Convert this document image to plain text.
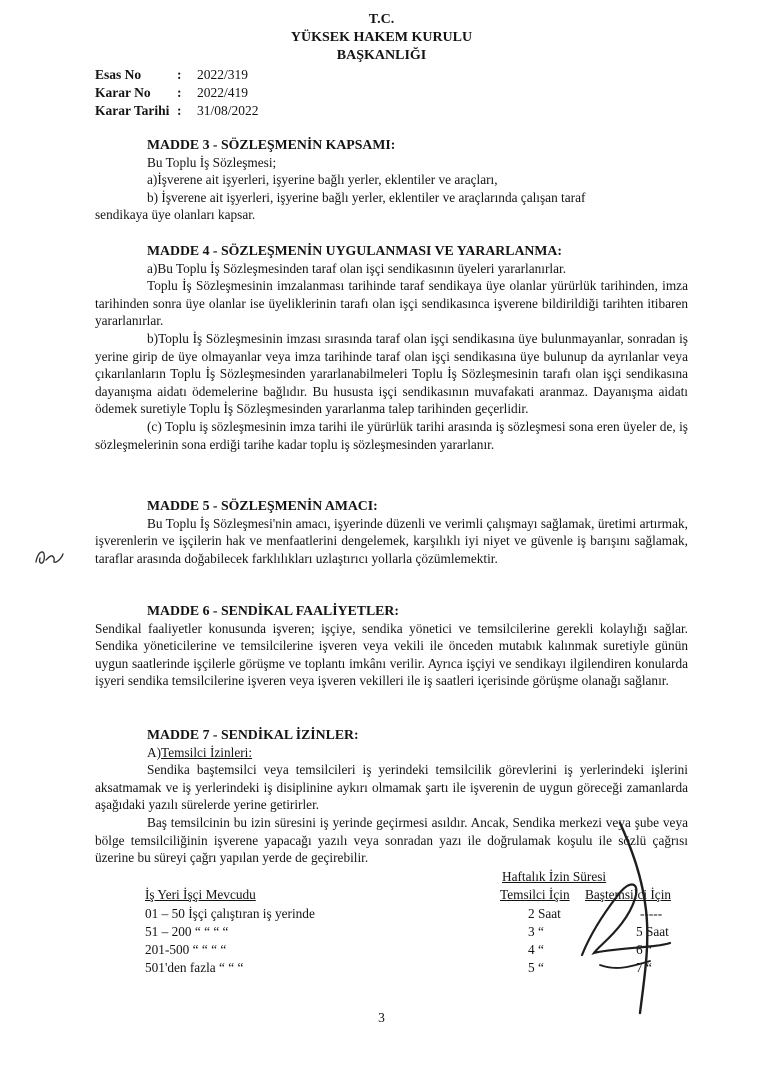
T.C.
YÜKSEK HAKEM KURULU
BAŞKANLIĞI
Esas No	: 2022/319
Karar No : 2022/419
Karar Tarihi : 31/08/2022
MADDE 3 - SÖZLEŞMENİN KAPSAMI:
Bu Toplu İş Sözleşmesi;
a)İşverene ait işyerleri, işyerine bağlı yerler, eklentiler ve araçları,
b) İşverene ait işyerleri, işyerine bağlı yerler, eklentiler ve araçlarında çalışan taraf
sendikaya üye olanları kapsar.
MADDE 4 - SÖZLEŞMENİN UYGULANMASI VE YARARLANMA:
a)Bu Toplu İş Sözleşmesinden taraf olan işçi sendikasının üyeleri yararlanırlar.
Toplu İş Sözleşmesinin imzalanması tarihinde taraf sendikaya üye olanlar yürürlük tarihinden, imza tarihinden sonra üye olanlar ise üyeliklerinin tarafı olan işçi sendikasınca işverene bildirildiği tarihten itibaren yararlanırlar.
b)Toplu İş Sözleşmesinin imzası sırasında taraf olan işçi sendikasına üye bulunmayanlar, sonradan iş yerine girip de üye olmayanlar veya imza tarihinde taraf olan işçi sendikasına üye bulunup da ayrılanlar veya çıkarılanların Toplu İş Sözleşmesinden yararlanabilmeleri Toplu İş Sözleşmesinin tarafı olan işçi sendikasına dayanışma aidatı ödemelerine bağlıdır. Bu hususta işçi sendikasının muvafakati aranmaz. Dayanışma aidatı ödemek suretiyle Toplu İş Sözleşmesinden yararlanma talep tarihinden geçerlidir.
(c) Toplu iş sözleşmesinin imza tarihi ile yürürlük tarihi arasında iş sözleşmesi sona eren üyeler de, iş sözleşmelerinin sona erdiği tarihe kadar toplu iş sözleşmesinden yararlanır.
MADDE 5 - SÖZLEŞMENİN AMACI:
Bu Toplu İş Sözleşmesi'nin amacı, işyerinde düzenli ve verimli çalışmayı sağlamak, üretimi artırmak, işverenlerin ve işçilerin hak ve menfaatlerini dengelemek, karşılıklı iyi niyet ve güvenle iş barışını sağlamak, taraflar arasında doğabilecek farklılıkları uzlaştırıcı yollarla çözümlemektir.
MADDE 6 - SENDİKAL FAALİYETLER:
Sendikal faaliyetler konusunda işveren; işçiye, sendika yönetici ve temsilcilerine gerekli kolaylığı sağlar. Sendika yöneticilerine ve temsilcilerine işveren veya vekili ile önceden mutabık kalınmak suretiyle günün uygun saatlerinde işçilerle görüşme ve toplantı imkânı verilir. Ayrıca işçiyi ve sendikayı ilgilendiren konularda işyeri sendika temsilcilerine işveren veya işveren vekilleri ile iş saatleri içerisinde görüşme olanağı sağlanır.
MADDE 7 - SENDİKAL İZİNLER:
A)Temsilci İzinleri:
Sendika baştemsilci veya temsilcileri iş yerindeki temsilcilik görevlerini iş yerlerindeki işlerini aksatmamak ve iş yerlerindeki iş disiplinine aykırı olmamak şartı ile işverenin de uygun göreceği zamanlarda aşağıdaki yazılı sürelerde yerine getirirler.
Baş temsilcinin bu izin süresini iş yerinde geçirmesi asıldır. Ancak, Sendika merkezi veya şube veya bölge temsilciliğinin işverene yapacağı yazılı veya sonradan yazı ile doğrulamak koşulu ile sözlü çağrısı üzerine bu süreyi çağrı yapılan yerde de geçirebilir.
Haftalık İzin Süresi
İş Yeri İşçi Mevcudu	Temsilci İçin Baştemsilci İçin
01 – 50 İşçi çalıştıran iş yerinde	2 Saat	-----
51 – 200 “ “ “ “	3 “	5 Saat
201-500 “ “ “ “	4 “	6 “
501'den fazla “ “ “	5 “	7 “
3
